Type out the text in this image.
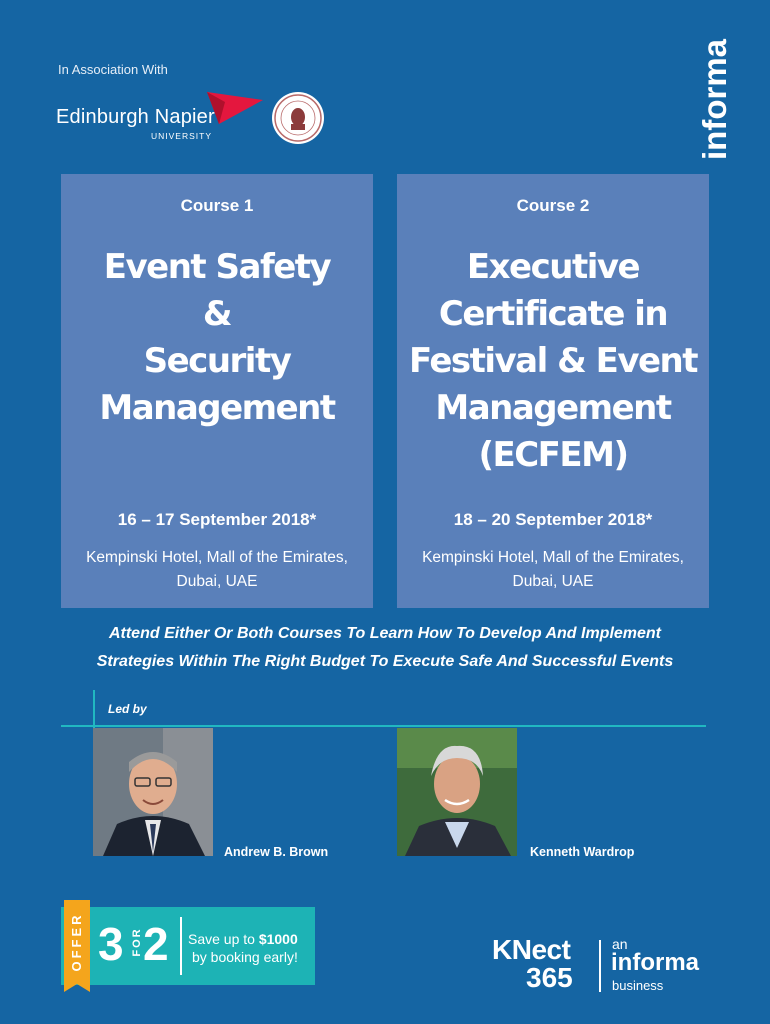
In Association With
Edinburgh Napier
UNIVERSITY	informa
Course 1
Event Safety
&
Security
Management
16 – 17 September 2018*
Kempinski Hotel, Mall of the Emirates,
Dubai, UAE
Course 2
Executive
Certificate in
Festival & Event
Management
(ECFEM)
18 – 20 September 2018*
Kempinski Hotel, Mall of the Emirates,
Dubai, UAE
Attend Either Or Both Courses To Learn How To Develop And Implement
Strategies Within The Right Budget To Execute Safe And Successful Events
Led by
Andrew B. Brown	Kenneth Wardrop
OFFER 3 FOR 2 Save up to $1000
by booking early!	KNect
365
an
informa
business
